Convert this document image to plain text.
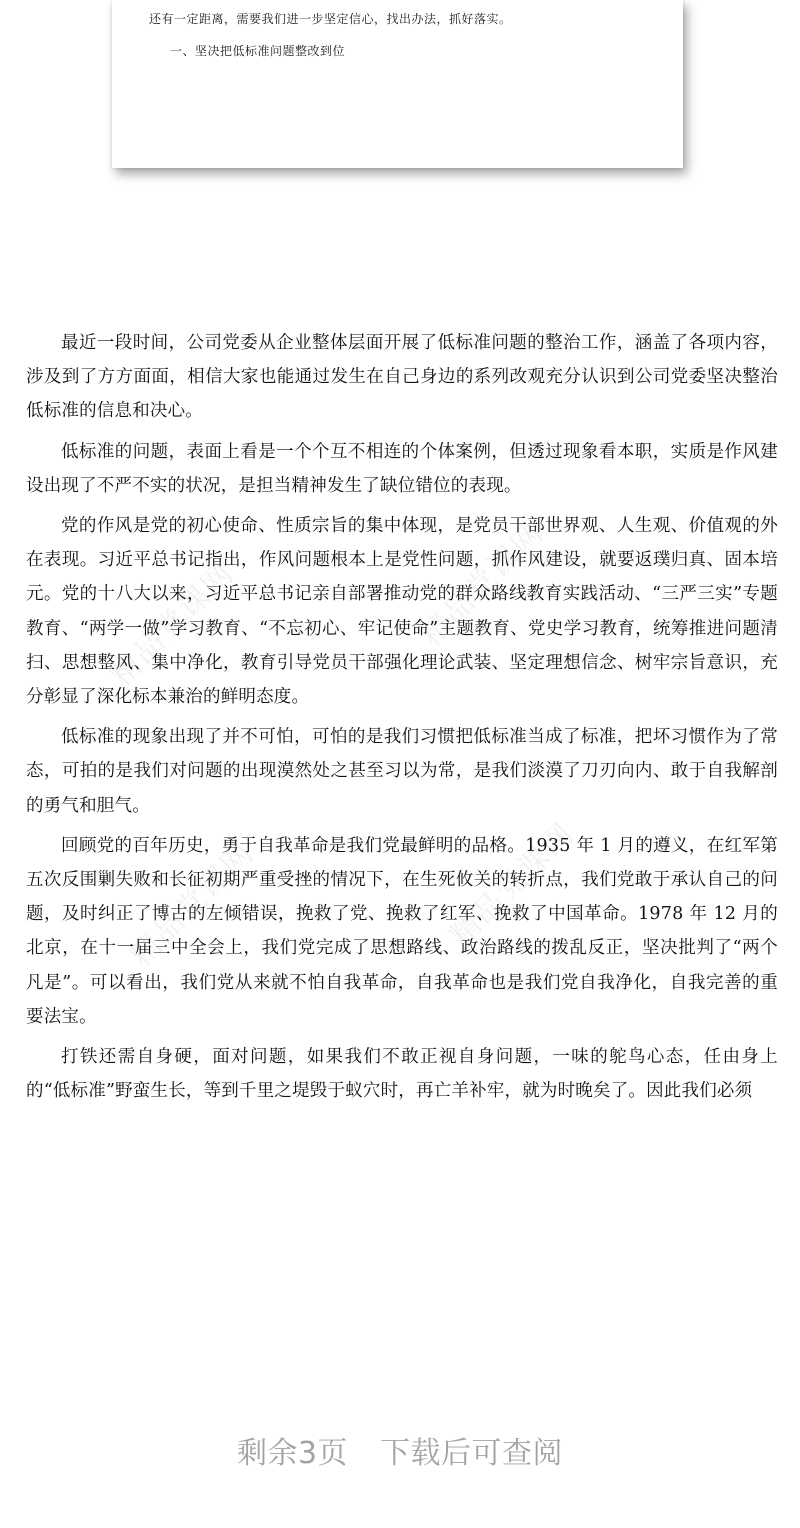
还有一定距离，需要我们进一步坚定信心，找出办法，抓好落实。
一、坚决把低标准问题整改到位
精品党课网
精品党课网
精品党课网	精品党课网

最近一段时间，公司党委从企业整体层面开展了低标准问题的整治工作，涵盖了各项内容，涉及到了方方面面，相信大家也能通过发生在自己身边的系列改观充分认识到公司党委坚决整治低标准的信息和决心。

低标准的问题，表面上看是一个个互不相连的个体案例，但透过现象看本职，实质是作风建设出现了不严不实的状况，是担当精神发生了缺位错位的表现。

党的作风是党的初心使命、性质宗旨的集中体现，是党员干部世界观、人生观、价值观的外在表现。习近平总书记指出，作风问题根本上是党性问题，抓作风建设，就要返璞归真、固本培元。党的十八大以来，习近平总书记亲自部署推动党的群众路线教育实践活动、“三严三实”专题教育、“两学一做”学习教育、“不忘初心、牢记使命”主题教育、党史学习教育，统筹推进问题清扫、思想整风、集中净化，教育引导党员干部强化理论武装、坚定理想信念、树牢宗旨意识，充分彰显了深化标本兼治的鲜明态度。

低标准的现象出现了并不可怕，可怕的是我们习惯把低标准当成了标准，把坏习惯作为了常态，可拍的是我们对问题的出现漠然处之甚至习以为常，是我们淡漠了刀刃向内、敢于自我解剖的勇气和胆气。

回顾党的百年历史，勇于自我革命是我们党最鲜明的品格。1935 年 1 月的遵义，在红军第五次反围剿失败和长征初期严重受挫的情况下，在生死攸关的转折点，我们党敢于承认自己的问题，及时纠正了博古的左倾错误，挽救了党、挽救了红军、挽救了中国革命。1978 年 12 月的北京，在十一届三中全会上，我们党完成了思想路线、政治路线的拨乱反正，坚决批判了“两个凡是”。可以看出，我们党从来就不怕自我革命，自我革命也是我们党自我净化，自我完善的重要法宝。

打铁还需自身硬，面对问题，如果我们不敢正视自身问题，一味的鸵鸟心态，任由身上的“低标准”野蛮生长，等到千里之堤毁于蚁穴时，再亡羊补牢，就为时晚矣了。因此我们必须

剩余3页 下载后可查阅
